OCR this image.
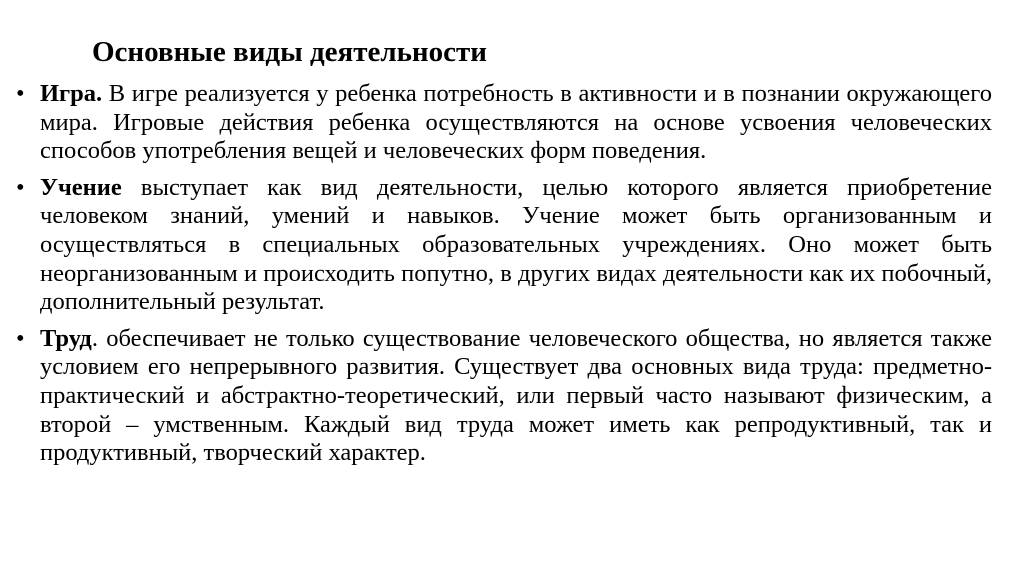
Основные виды деятельности
• Игра. В игре реализуется у ребенка потребность в активности и в познании окружающего мира. Игровые действия ребенка осуществляются на основе усвоения человеческих способов употребления вещей и человеческих форм поведения.
• Учение выступает как вид деятельности, целью которого является приобретение человеком знаний, умений и навыков. Учение может быть организованным и осуществляться в специальных образовательных учреждениях. Оно может быть неорганизованным и происходить попутно, в других видах деятельности как их побочный, дополнительный результат.
• Труд. обеспечивает не только существование человеческого общества, но является также условием его непрерывного развития. Существует два основных вида труда: предметно-практический и абстрактно-теоретический, или первый часто называют физическим, а второй – умственным. Каждый вид труда может иметь как репродуктивный, так и продуктивный, творческий характер.
